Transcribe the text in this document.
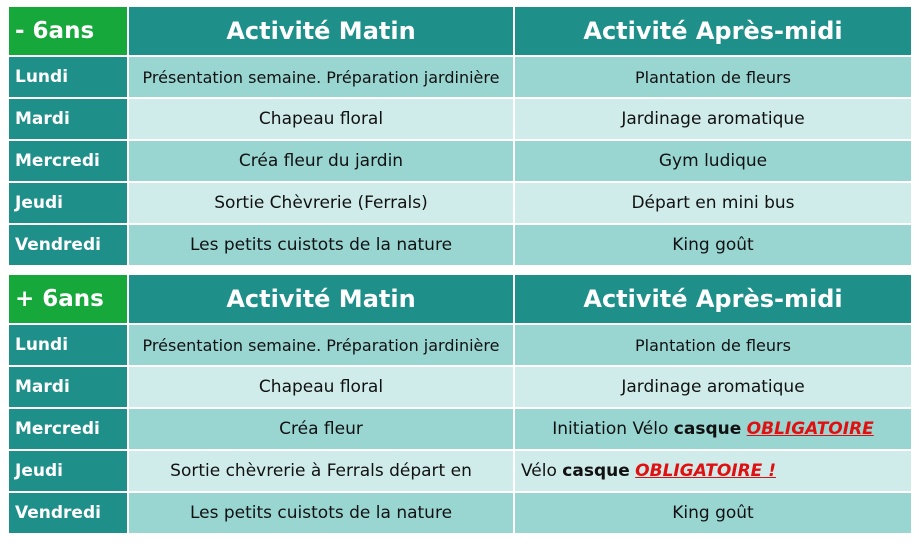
- 6ans	Activité Matin	Activité Après-midi
Lundi	Présentation semaine. Préparation jardinière	Plantation de fleurs
Mardi	Chapeau floral	Jardinage aromatique
Mercredi	Créa fleur du jardin	Gym ludique
Jeudi	Sortie Chèvrerie (Ferrals)	Départ en mini bus
Vendredi	Les petits cuistots de la nature	King goût
+ 6ans	Activité Matin	Activité Après-midi
Lundi	Présentation semaine. Préparation jardinière	Plantation de fleurs
Mardi	Chapeau floral	Jardinage aromatique
Mercredi	Créa fleur	Initiation Vélo casque OBLIGATOIRE
Jeudi	Sortie chèvrerie à Ferrals départ en	Vélo casque OBLIGATOIRE !
Vendredi	Les petits cuistots de la nature	King goût
